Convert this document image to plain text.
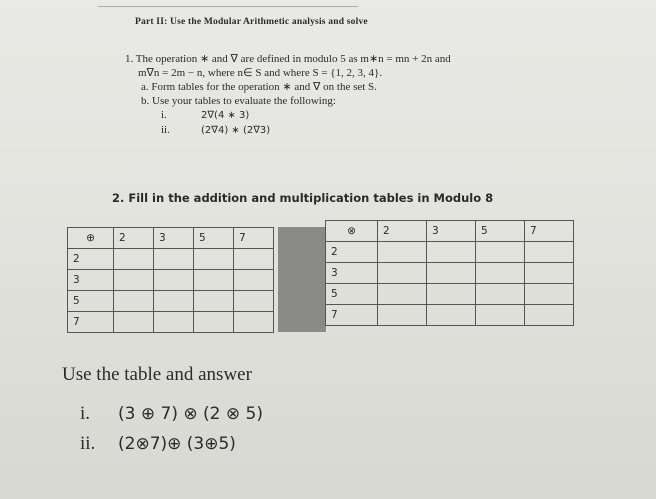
Part II: Use the Modular Arithmetic analysis and solve
1. The operation ∗ and ∇ are defined in modulo 5 as m∗n = mn + 2n and
m∇n = 2m − n, where n∈ S and where S = {1, 2, 3, 4}.
a. Form tables for the operation ∗ and ∇ on the set S.
b. Use your tables to evaluate the following:
i.	2∇(4 ∗ 3)
ii.	(2∇4) ∗ (2∇3)
2. Fill in the addition and multiplication tables in Modulo 8
⊕	2	3	5	7
2				
3				
5				
7				
⊗	2	3	5	7
2				
3				
5				
7				
Use the table and answer
i. (3 ⊕ 7) ⊗ (2 ⊗ 5)
ii. (2⊗7)⊕ (3⊕5)
